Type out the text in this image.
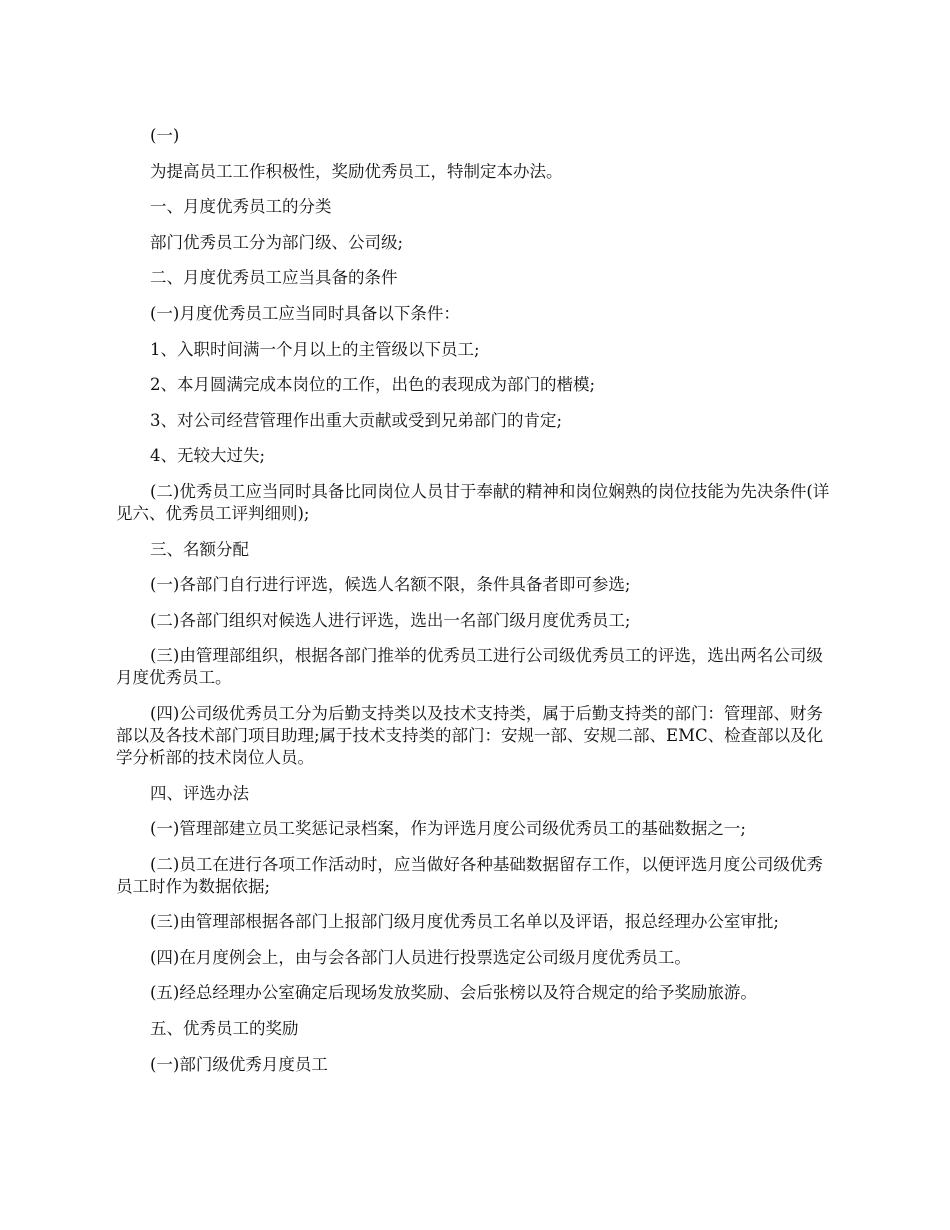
(一)

为提高员工工作积极性，奖励优秀员工，特制定本办法。

一、月度优秀员工的分类

部门优秀员工分为部门级、公司级;

二、月度优秀员工应当具备的条件

(一)月度优秀员工应当同时具备以下条件：

1、入职时间满一个月以上的主管级以下员工;

2、本月圆满完成本岗位的工作，出色的表现成为部门的楷模;

3、对公司经营管理作出重大贡献或受到兄弟部门的肯定;

4、无较大过失;

(二)优秀员工应当同时具备比同岗位人员甘于奉献的精神和岗位娴熟的岗位技能为先决条件(详见六、优秀员工评判细则);

三、名额分配

(一)各部门自行进行评选，候选人名额不限，条件具备者即可参选;

(二)各部门组织对候选人进行评选，选出一名部门级月度优秀员工;

(三)由管理部组织，根据各部门推举的优秀员工进行公司级优秀员工的评选，选出两名公司级月度优秀员工。

(四)公司级优秀员工分为后勤支持类以及技术支持类，属于后勤支持类的部门：管理部、财务部以及各技术部门项目助理;属于技术支持类的部门：安规一部、安规二部、EMC、检查部以及化学分析部的技术岗位人员。

四、评选办法

(一)管理部建立员工奖惩记录档案，作为评选月度公司级优秀员工的基础数据之一;

(二)员工在进行各项工作活动时，应当做好各种基础数据留存工作，以便评选月度公司级优秀员工时作为数据依据;

(三)由管理部根据各部门上报部门级月度优秀员工名单以及评语，报总经理办公室审批;

(四)在月度例会上，由与会各部门人员进行投票选定公司级月度优秀员工。

(五)经总经理办公室确定后现场发放奖励、会后张榜以及符合规定的给予奖励旅游。

五、优秀员工的奖励

(一)部门级优秀月度员工
